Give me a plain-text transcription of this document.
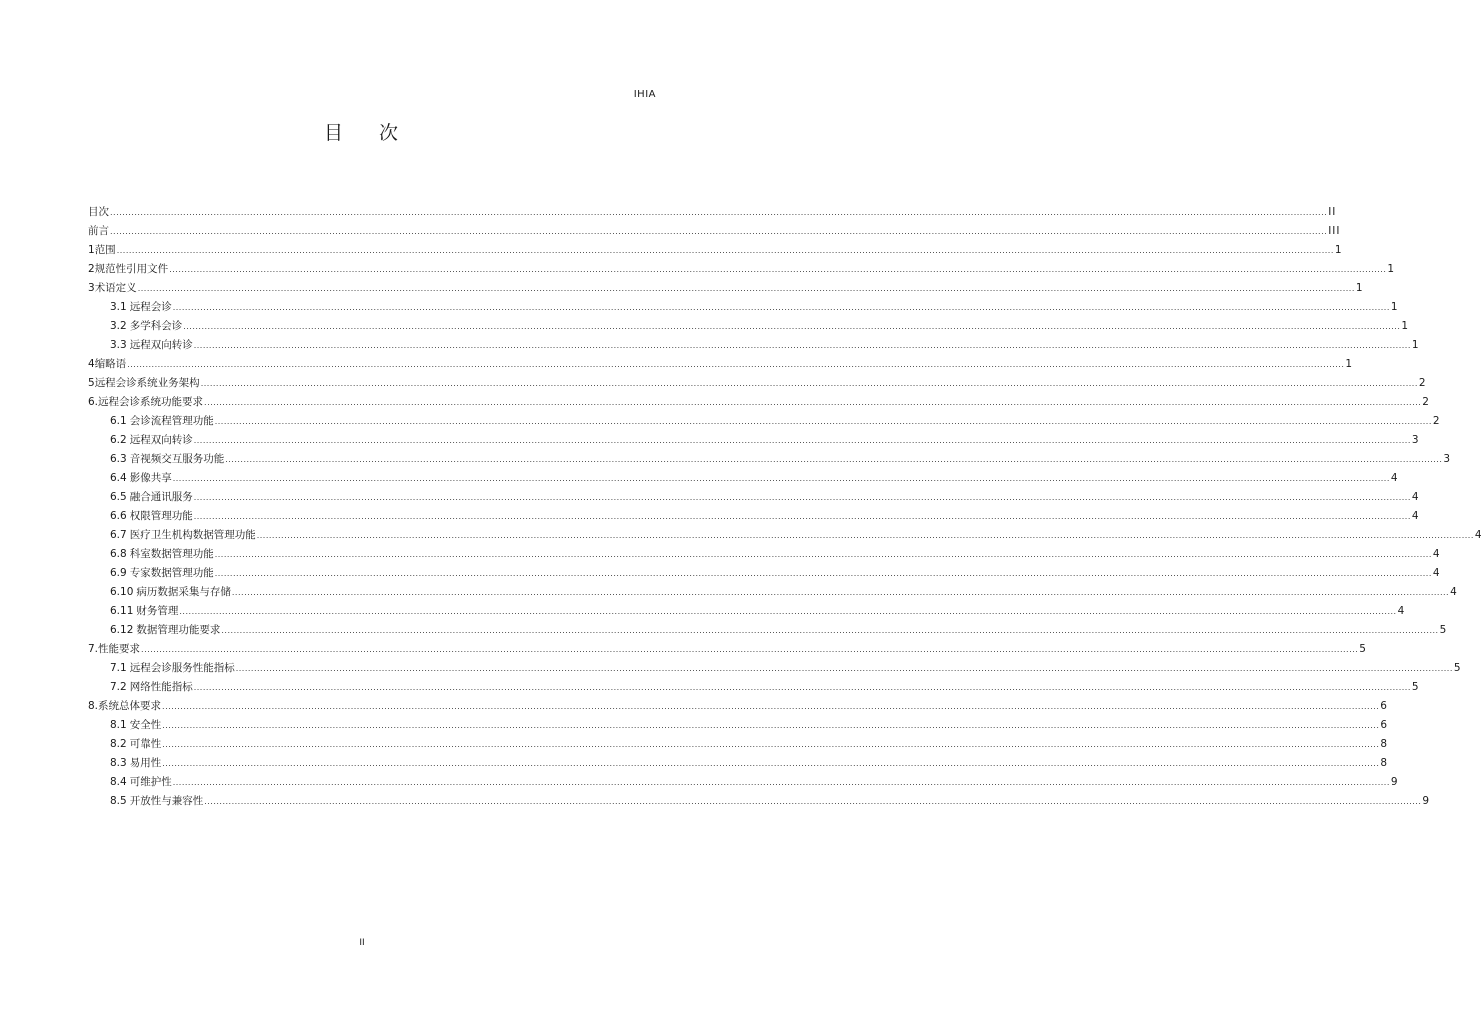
IHIA
目 次
目 次 ................................................................................................................................................................................................................................................................................................................................................................................................................ II
前 言 ................................................................................................................................................................................................................................................................................................................................................................................................................ III
1 范围 ................................................................................................................................................................................................................................................................................................................................................................................................................ 1
2 规范性引用文件 ................................................................................................................................................................................................................................................................................................................................................................................................................ 1
3 术语定义 ................................................................................................................................................................................................................................................................................................................................................................................................................ 1
3.1 远程会诊 ................................................................................................................................................................................................................................................................................................................................................................................................................ 1
3.2 多学科会诊 ................................................................................................................................................................................................................................................................................................................................................................................................................ 1
3.3 远程双向转诊 ................................................................................................................................................................................................................................................................................................................................................................................................................ 1
4 缩略语 ................................................................................................................................................................................................................................................................................................................................................................................................................ 1
5 远程会诊系统业务架构 ................................................................................................................................................................................................................................................................................................................................................................................................................ 2
6. 远程会诊系统功能要求 ................................................................................................................................................................................................................................................................................................................................................................................................................ 2
6.1 会诊流程管理功能 ................................................................................................................................................................................................................................................................................................................................................................................................................ 2
6.2 远程双向转诊 ................................................................................................................................................................................................................................................................................................................................................................................................................ 3
6.3 音视频交互服务功能 ................................................................................................................................................................................................................................................................................................................................................................................................................ 3
6.4 影像共享 ................................................................................................................................................................................................................................................................................................................................................................................................................ 4
6.5 融合通讯服务 ................................................................................................................................................................................................................................................................................................................................................................................................................ 4
6.6 权限管理功能 ................................................................................................................................................................................................................................................................................................................................................................................................................ 4
6.7 医疗卫生机构数据管理功能 ................................................................................................................................................................................................................................................................................................................................................................................................................ 4
6.8 科室数据管理功能 ................................................................................................................................................................................................................................................................................................................................................................................................................ 4
6.9 专家数据管理功能 ................................................................................................................................................................................................................................................................................................................................................................................................................ 4
6.10 病历数据采集与存储 ................................................................................................................................................................................................................................................................................................................................................................................................................ 4
6.11 财务管理 ................................................................................................................................................................................................................................................................................................................................................................................................................ 4
6.12 数据管理功能要求 ................................................................................................................................................................................................................................................................................................................................................................................................................ 5
7. 性能要求 ................................................................................................................................................................................................................................................................................................................................................................................................................ 5
7.1 远程会诊服务性能指标 ................................................................................................................................................................................................................................................................................................................................................................................................................ 5
7.2 网络性能指标 ................................................................................................................................................................................................................................................................................................................................................................................................................ 5
8. 系统总体要求 ................................................................................................................................................................................................................................................................................................................................................................................................................ 6
8.1 安全性 ................................................................................................................................................................................................................................................................................................................................................................................................................ 6
8.2 可靠性 ................................................................................................................................................................................................................................................................................................................................................................................................................ 8
8.3 易用性 ................................................................................................................................................................................................................................................................................................................................................................................................................ 8
8.4 可维护性 ................................................................................................................................................................................................................................................................................................................................................................................................................ 9
8.5 开放性与兼容性 ................................................................................................................................................................................................................................................................................................................................................................................................................ 9
II
